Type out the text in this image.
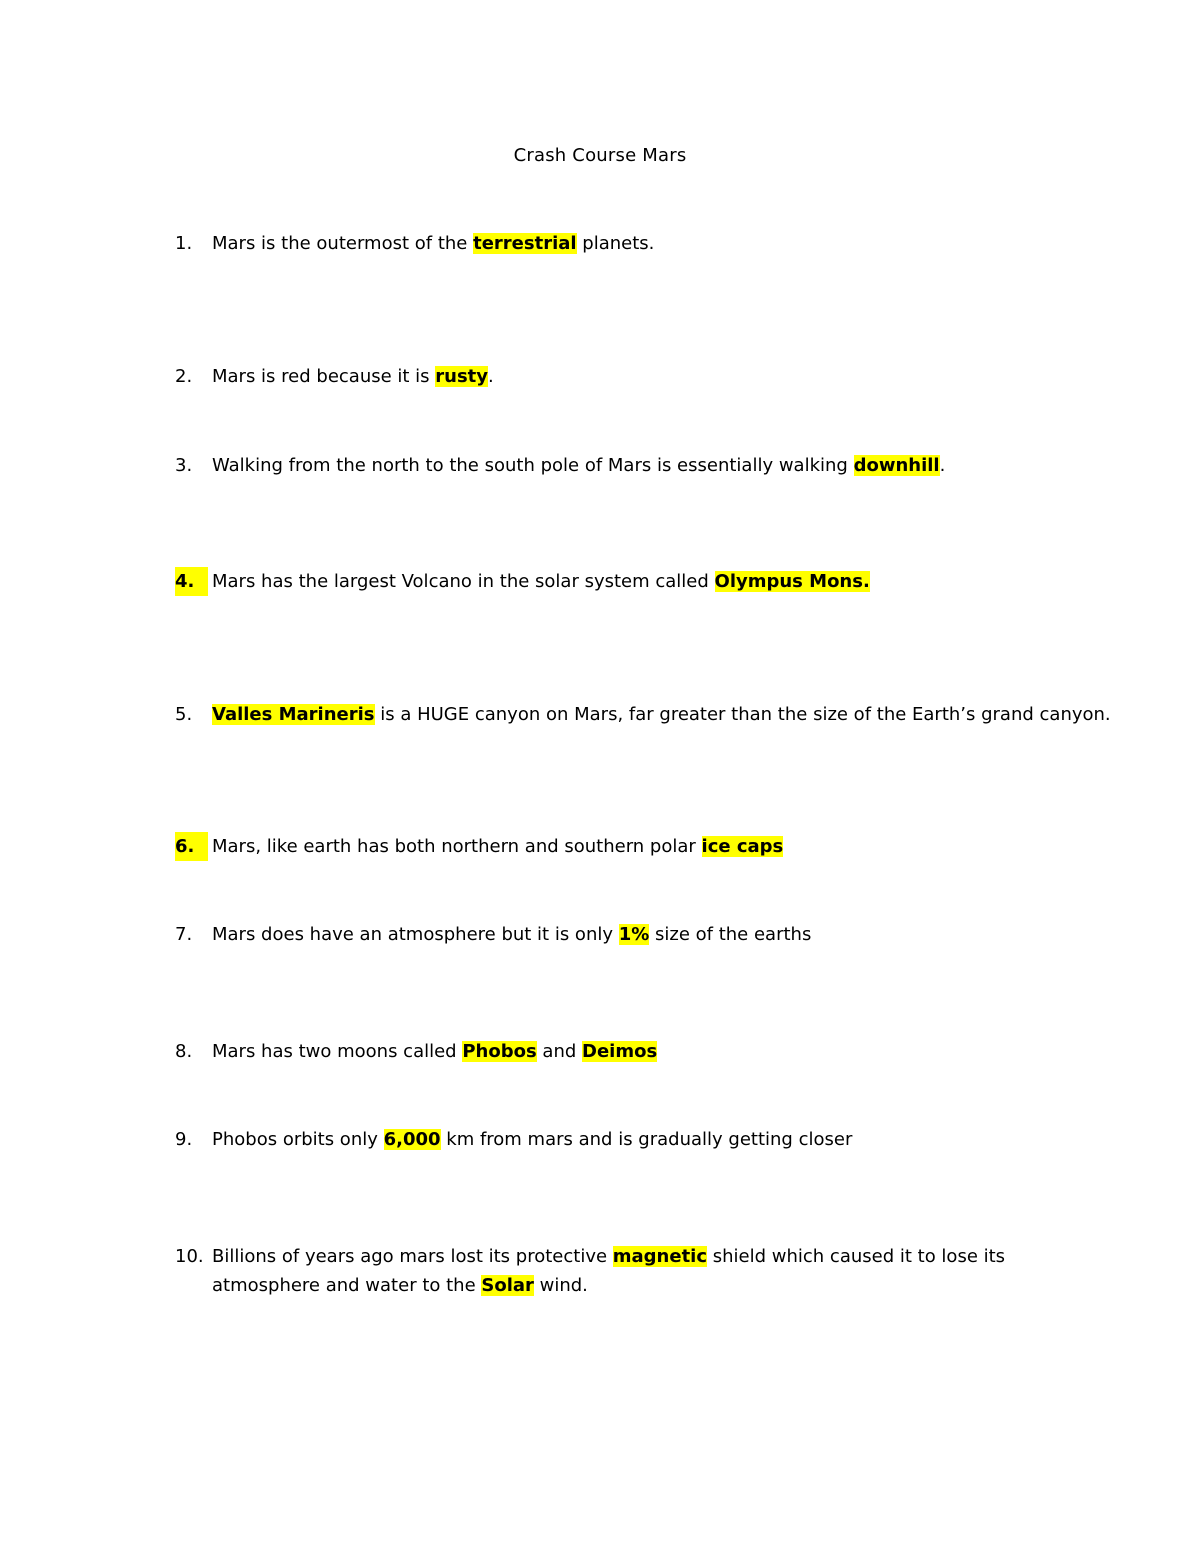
Crash Course Mars
1. Mars is the outermost of the terrestrial planets.
2. Mars is red because it is rusty.
3. Walking from the north to the south pole of Mars is essentially walking downhill.
4. Mars has the largest Volcano in the solar system called Olympus Mons.
5. Valles Marineris is a HUGE canyon on Mars, far greater than the size of the Earth’s grand canyon.
6. Mars, like earth has both northern and southern polar ice caps
7. Mars does have an atmosphere but it is only 1% size of the earths
8. Mars has two moons called Phobos and Deimos
9. Phobos orbits only 6,000 km from mars and is gradually getting closer
10. Billions of years ago mars lost its protective magnetic shield which caused it to lose its
atmosphere and water to the Solar wind.
